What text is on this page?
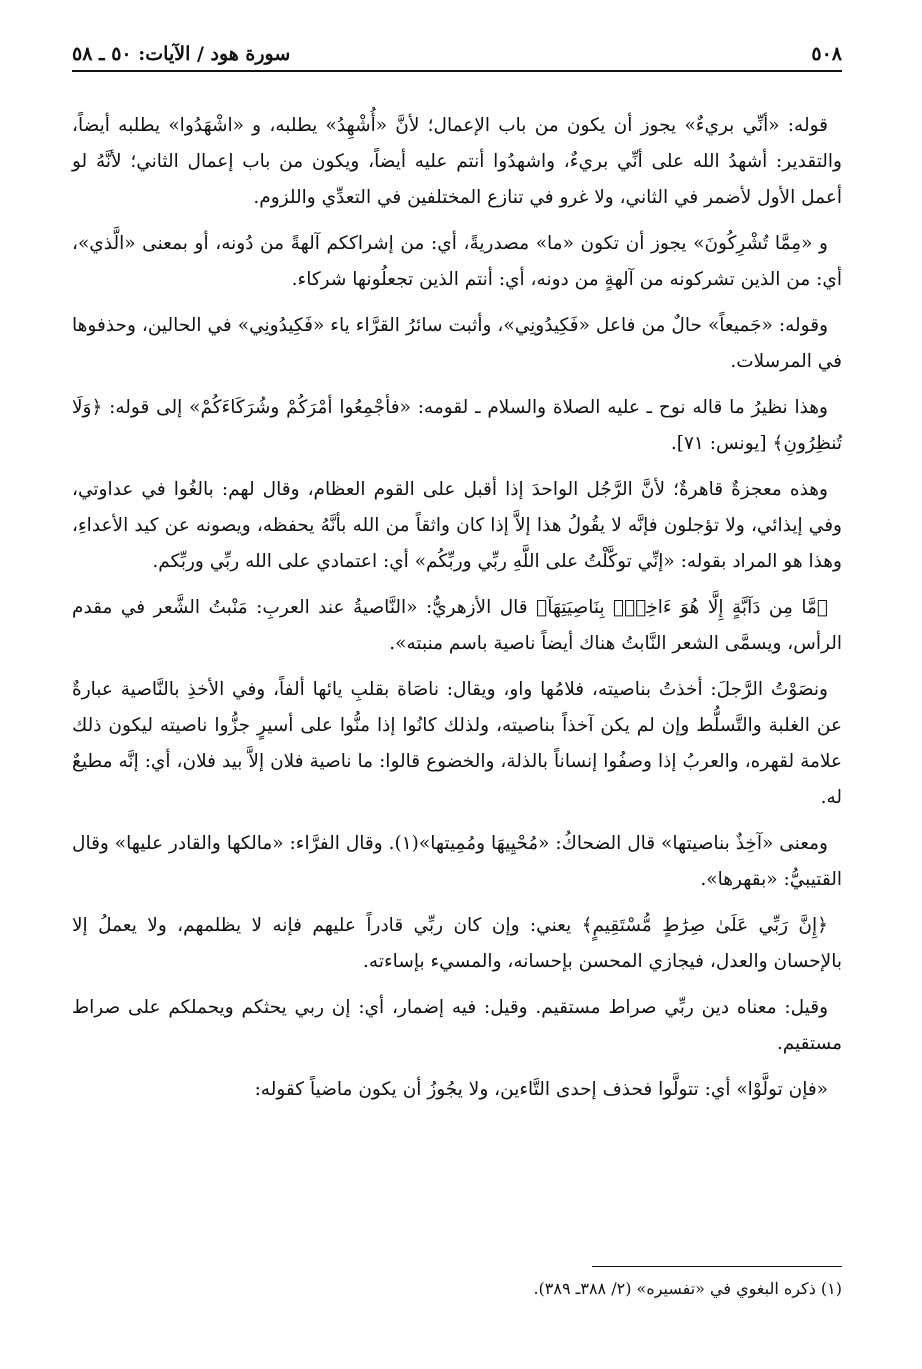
٥٠٨
سورة هود / الآيات: ٥٠ ـ ٥٨

قوله: «أنِّي بريءٌ» يجوز أن يكون من باب الإعمال؛ لأنَّ «أُشْهِدُ» يطلبه، و «اشْهَدُوا» يطلبه أيضاً، والتقدير: أشهدُ الله على أنِّي بريءٌ، واشهدُوا أنتم عليه أيضاً، ويكون من باب إعمال الثاني؛ لأنَّهُ لو أعمل الأول لأضمر في الثاني، ولا غرو في تنازع المختلفين في التعدِّي واللزوم.

و «مِمَّا تُشْرِكُونَ» يجوز أن تكون «ما» مصدريةً، أي: من إشراككم آلهةً من دُونه، أو بمعنى «الَّذي»، أي: من الذين تشركونه من آلهةٍ من دونه، أي: أنتم الذين تجعلُونها شركاء.

وقوله: «جَميعاً» حالٌ من فاعل «فَكِيدُونِي»، وأثبت سائرُ القرَّاء ياء «فَكِيدُونِي» في الحالين، وحذفوها في المرسلات.

وهذا نظيرُ ما قاله نوح ـ عليه الصلاة والسلام ـ لقومه: «فأجْمِعُوا أمْرَكُمْ وشُرَكَاءَكُمْ» إلى قوله: ﴿وَلَا تُنظِرُونِ﴾ [يونس: ٧١].

وهذه معجزةٌ قاهرةٌ؛ لأنَّ الرَّجُل الواحدَ إذا أقبل على القوم العظام، وقال لهم: بالغُوا في عداوتي، وفي إيذائي، ولا تؤجلون فإنَّه لا يقُولُ هذا إلاَّ إذا كان واثقاً من الله بأنَّهُ يحفظه، ويصونه عن كيد الأعداءِ، وهذا هو المراد بقوله: «إنِّي توكَّلْتُ على اللَّهِ ربِّي وربِّكُم» أي: اعتمادي على الله ربِّي وربِّكم.

﴿مَّا مِن دَآبَّةٍ إِلَّا هُوَ ءَاخِذٌۢ بِنَاصِيَتِهَآ﴾ قال الأزهريُّ: «النَّاصيةُ عند العربِ: مَنْبتُ الشَّعر في مقدم الرأس، ويسمَّى الشعر النَّابتُ هناك أيضاً ناصية باسم منبته».

ونصَوْتُ الرَّجلَ: أخذتُ بناصيته، فلامُها واو، ويقال: ناصَاة بقلبِ يائها ألفاً، وفي الأخذِ بالنَّاصية عبارةٌ عن الغلبة والتَّسلُّط وإن لم يكن آخذاً بناصيته، ولذلك كانُوا إذا منُّوا على أسيرٍ جزُّوا ناصيته ليكون ذلك علامة لقهره، والعربُ إذا وصفُوا إنساناً بالذلة، والخضوع قالوا: ما ناصية فلان إلاَّ بيد فلان، أي: إنَّه مطيعٌ له.

ومعنى «آخِذٌ بناصيتها» قال الضحاكُ: «مُحْيِيهَا ومُمِيتها»(١). وقال الفرَّاء: «مالكها والقادر عليها» وقال القتيبيُّ: «بقهرها».

﴿إِنَّ رَبِّي عَلَىٰ صِرَٰطٍ مُّسْتَقِيمٍ﴾ يعني: وإن كان ربِّي قادراً عليهم فإنه لا يظلمهم، ولا يعملُ إلا بالإحسان والعدل، فيجازي المحسن بإحسانه، والمسيء بإساءته.

وقيل: معناه دين ربِّي صراط مستقيم. وقيل: فيه إضمار، أي: إن ربي يحثكم ويحملكم على صراط مستقيم.

«فإن تولَّوْا» أي: تتولَّوا فحذف إحدى التَّاءين، ولا يجُوزُ أن يكون ماضياً كقوله:

(١) ذكره البغوي في «تفسيره» (٢/ ٣٨٨ـ ٣٨٩).
